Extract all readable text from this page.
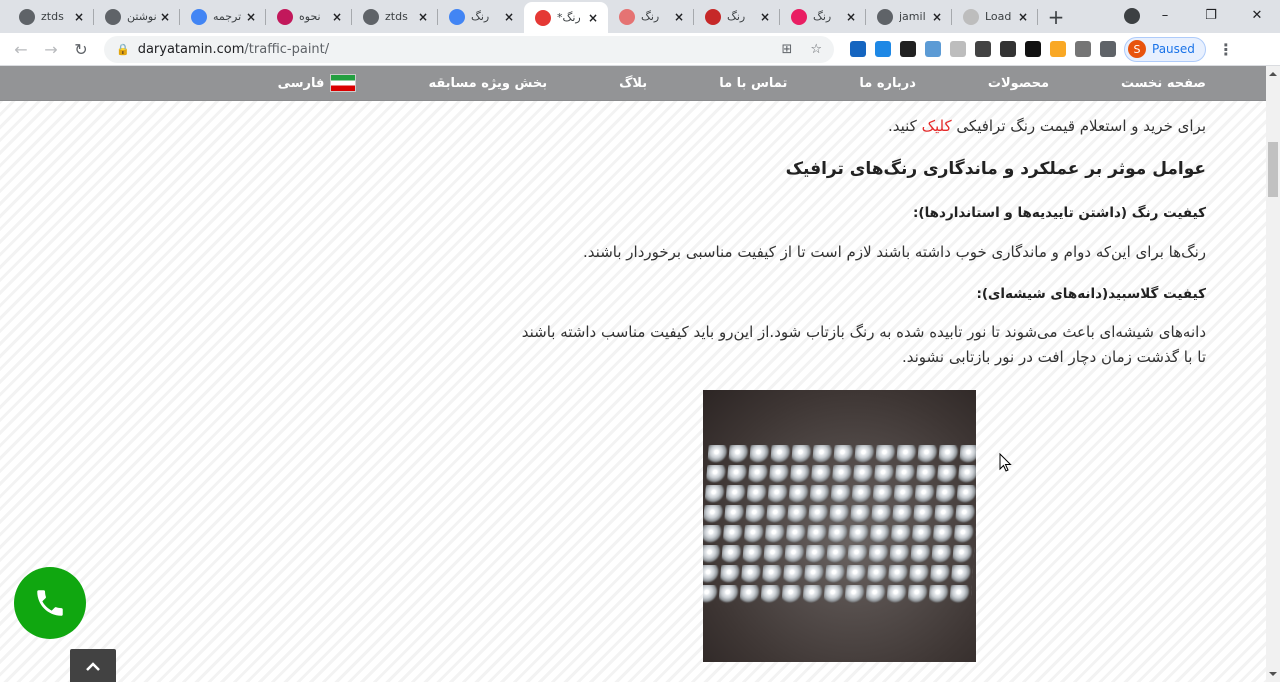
ztds ×	نوشتن ×	ترجمه ×	نحوه ×	ztds ×	رنگ	×	*رنگ ×	رنگ	×	رنگ	×	رنگ	×	jamil ×	Load × +	–	❐	✕
←	→	↻	🔒 daryatamin.com /traffic-paint/	⊞ ☆	S Paused ⋮
صفحه نخست
محصولات
درباره ما
تماس با ما
بلاگ
بخش ویژه مسابقه
فارسی
برای خرید و استعلام قیمت رنگ ترافیکی کلیک کنید.
عوامل موثر بر عملکرد و ماندگاری رنگ‌های ترافیک
کیفیت رنگ (داشتن تاییدیه‌ها و استانداردها):
رنگ‌ها برای این‌که دوام و ماندگاری خوب داشته باشند لازم است تا از کیفیت مناسبی برخوردار باشند.
کیفیت گلاسبید(دانه‌های شیشه‌ای):
دانه‌های شیشه‌ای باعث می‌شوند تا نور تابیده شده به رنگ بازتاب شود.از این‌رو باید کیفیت مناسب داشته باشند
تا با گذشت زمان دچار افت در نور بازتابی نشوند.
